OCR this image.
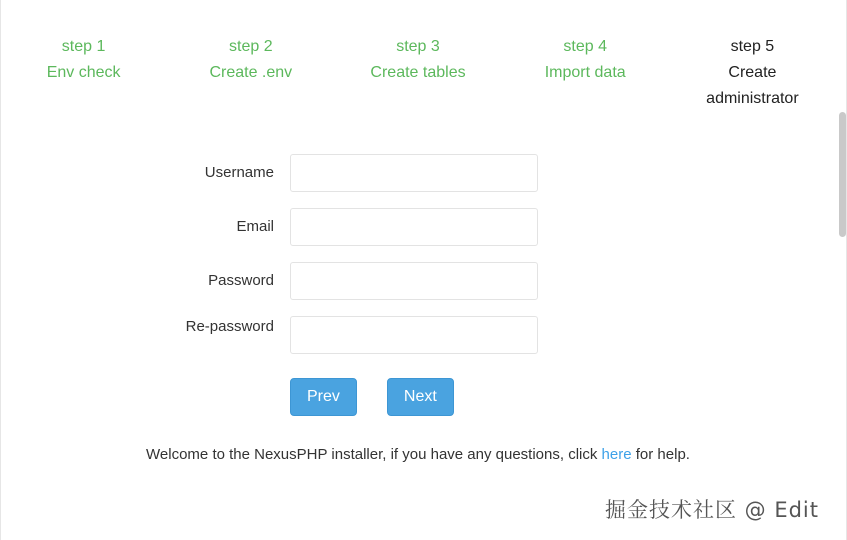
step 1
Env check
step 2
Create .env
step 3
Create tables
step 4
Import data
step 5
Create administrator
Username
Email
Password
Re-password
Prev	Next
Welcome to the NexusPHP installer, if you have any questions, click here for help.
掘金技术社区 @ Edit
